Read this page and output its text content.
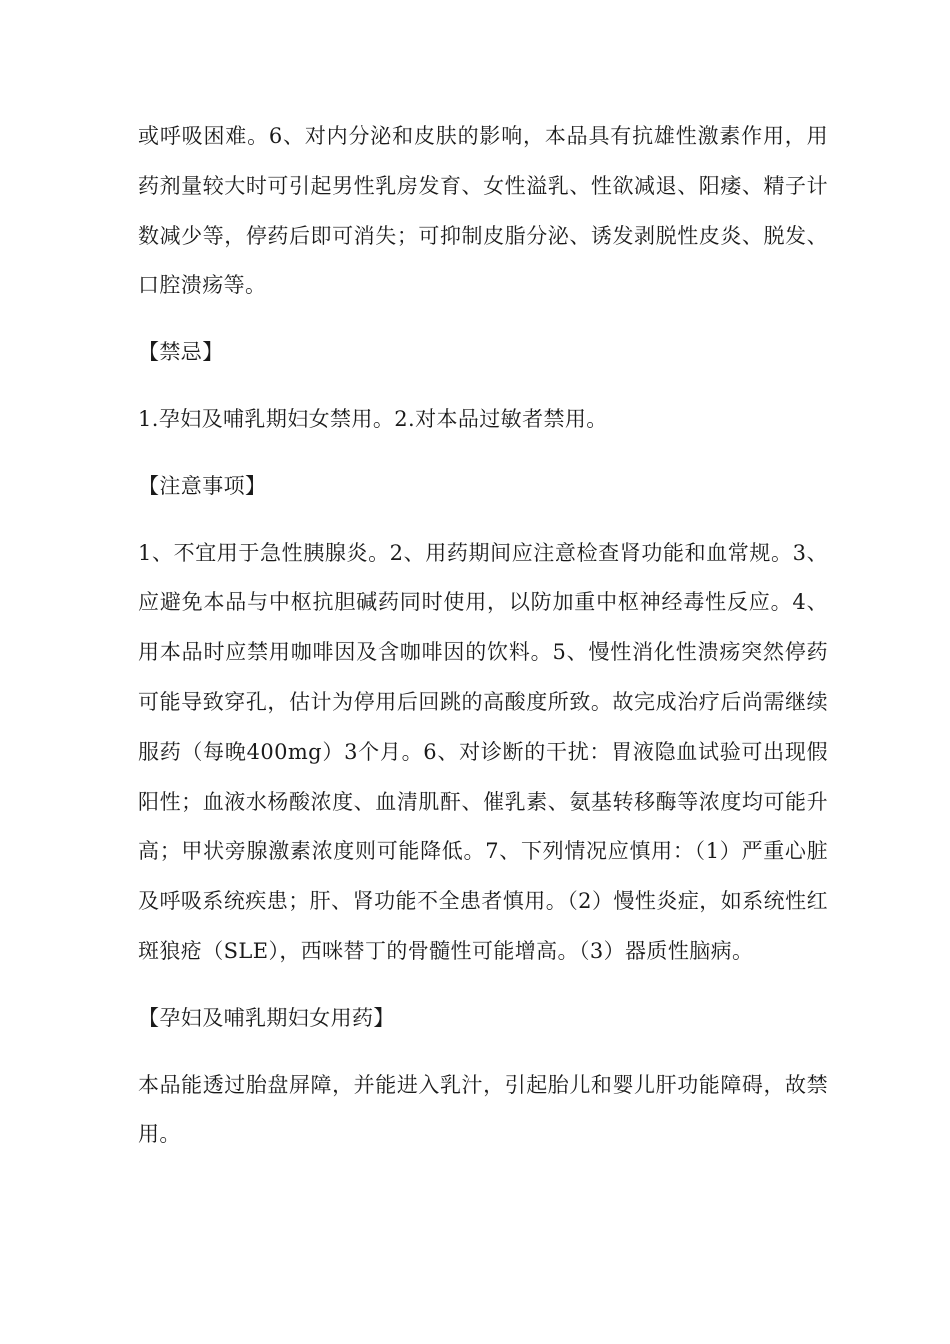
或呼吸困难。6、对内分泌和皮肤的影响，本品具有抗雄性激素作用，用药剂量较大时可引起男性乳房发育、女性溢乳、性欲减退、阳痿、精子计数减少等，停药后即可消失；可抑制皮脂分泌、诱发剥脱性皮炎、脱发、口腔溃疡等。

【禁忌】

1.孕妇及哺乳期妇女禁用。2.对本品过敏者禁用。

【注意事项】

1、不宜用于急性胰腺炎。2、用药期间应注意检查肾功能和血常规。3、应避免本品与中枢抗胆碱药同时使用，以防加重中枢神经毒性反应。4、用本品时应禁用咖啡因及含咖啡因的饮料。5、慢性消化性溃疡突然停药可能导致穿孔，估计为停用后回跳的高酸度所致。故完成治疗后尚需继续服药（每晚400mg）3个月。6、对诊断的干扰：胃液隐血试验可出现假阳性；血液水杨酸浓度、血清肌酐、催乳素、氨基转移酶等浓度均可能升高；甲状旁腺激素浓度则可能降低。7、下列情况应慎用：（1）严重心脏及呼吸系统疾患；肝、肾功能不全患者慎用。（2）慢性炎症，如系统性红斑狼疮（SLE），西咪替丁的骨髓性可能增高。（3）器质性脑病。

【孕妇及哺乳期妇女用药】

本品能透过胎盘屏障，并能进入乳汁，引起胎儿和婴儿肝功能障碍，故禁用。
